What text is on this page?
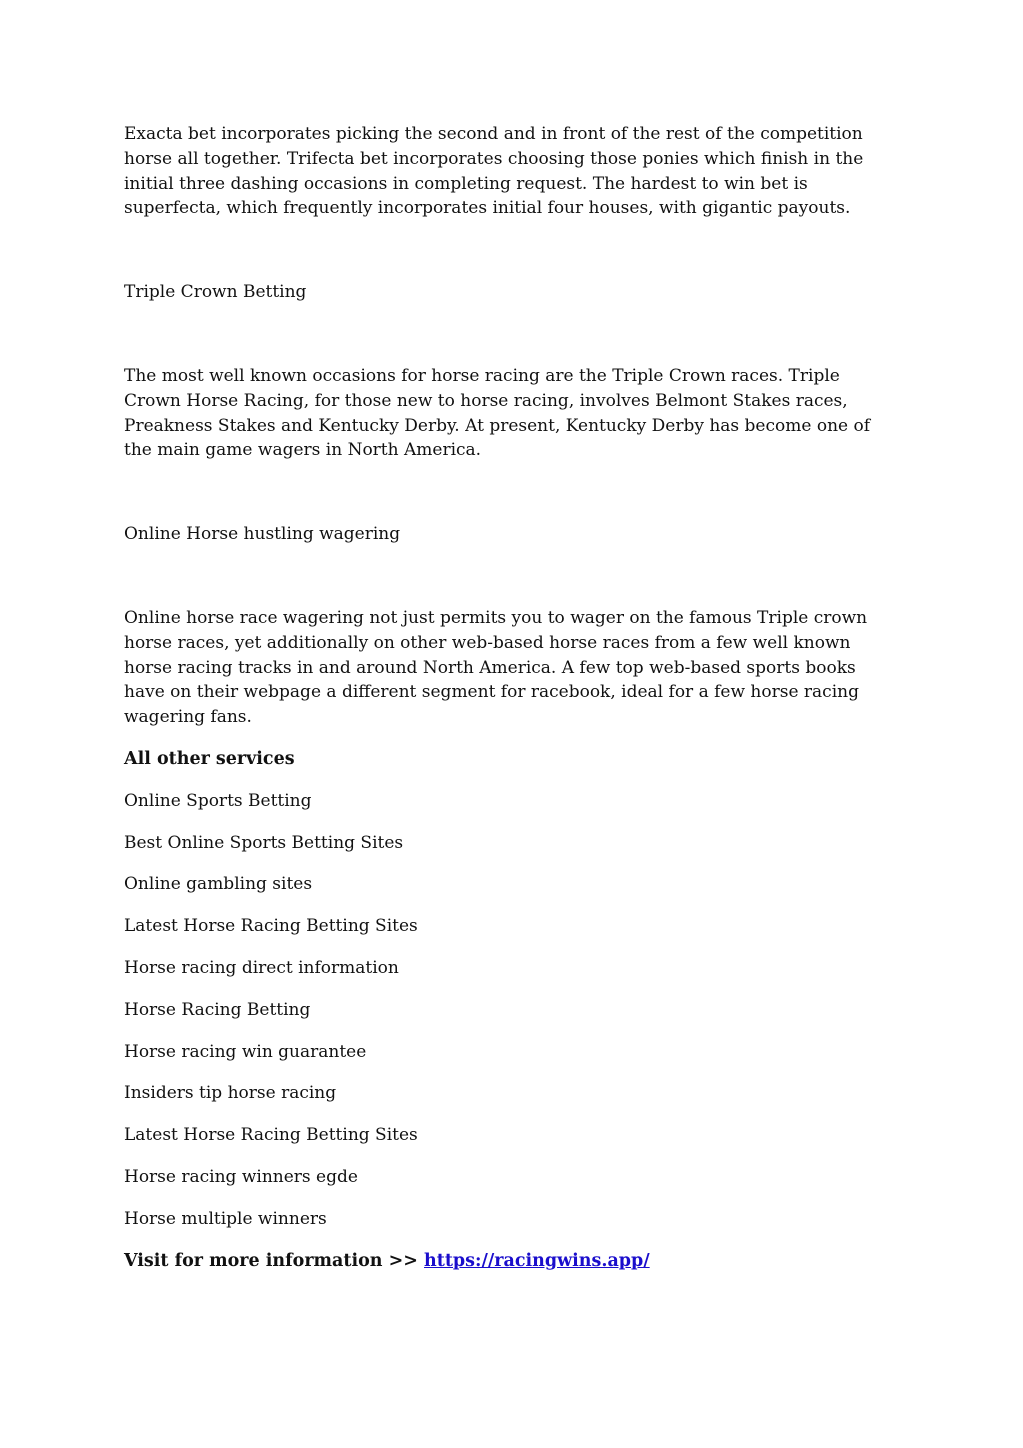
Exacta bet incorporates picking the second and in front of the rest of the competition horse all together. Trifecta bet incorporates choosing those ponies which finish in the initial three dashing occasions in completing request. The hardest to win bet is superfecta, which frequently incorporates initial four houses, with gigantic payouts.

Triple Crown Betting

The most well known occasions for horse racing are the Triple Crown races. Triple Crown Horse Racing, for those new to horse racing, involves Belmont Stakes races, Preakness Stakes and Kentucky Derby. At present, Kentucky Derby has become one of the main game wagers in North America.

Online Horse hustling wagering

Online horse race wagering not just permits you to wager on the famous Triple crown horse races, yet additionally on other web-based horse races from a few well known horse racing tracks in and around North America. A few top web-based sports books have on their webpage a different segment for racebook, ideal for a few horse racing wagering fans.

All other services

Online Sports Betting
Best Online Sports Betting Sites
Online gambling sites
Latest Horse Racing Betting Sites
Horse racing direct information
Horse Racing Betting
Horse racing win guarantee
Insiders tip horse racing
Latest Horse Racing Betting Sites
Horse racing winners egde
Horse multiple winners
Visit for more information >> https://racingwins.app/
